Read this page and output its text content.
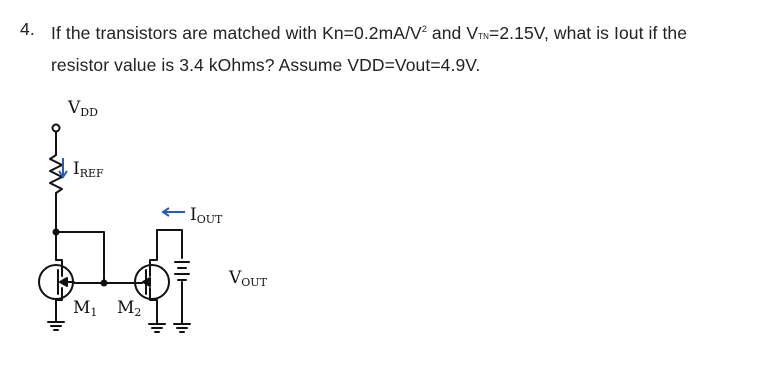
4. If the transistors are matched with $Kn=0.2mA/V^2$ and VTN=2.15V, what is Iout if the
resistor value is 3.4 kOhms? Assume VDD=Vout=4.9V.
VDD
IREF
IOUT
VOUT
M1 M2
